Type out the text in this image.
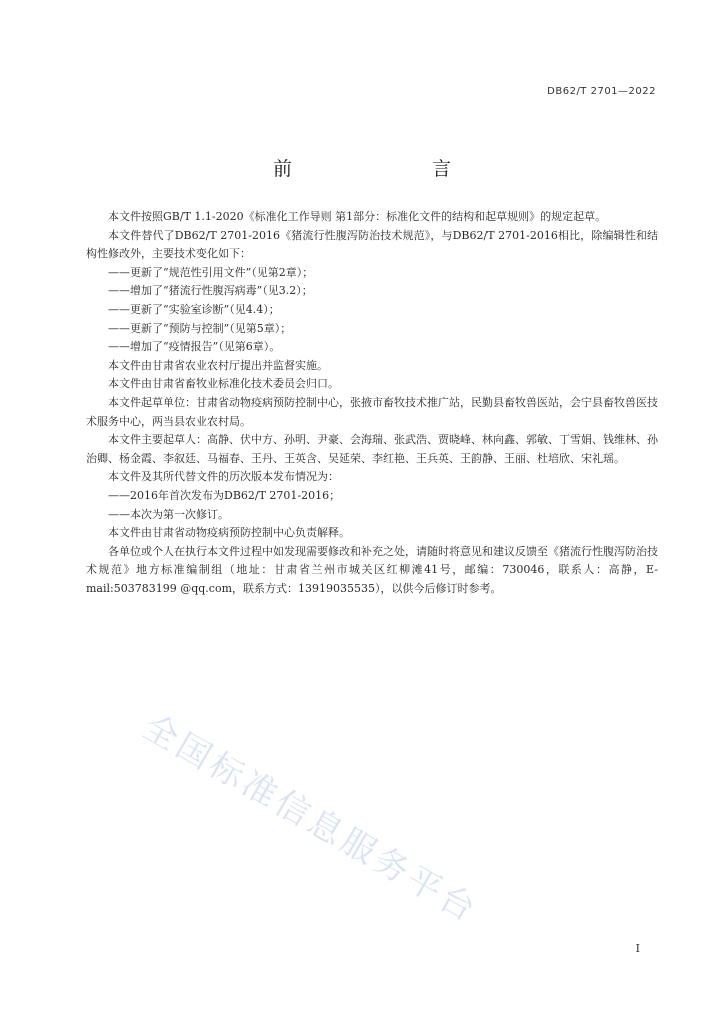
DB62/T 2701—2022
前　　言

本文件按照GB/T 1.1-2020《标准化工作导则 第1部分：标准化文件的结构和起草规则》的规定起草。

本文件替代了DB62/T 2701-2016《猪流行性腹泻防治技术规范》，与DB62/T 2701-2016相比，除编辑性和结构性修改外，主要技术变化如下：

——更新了“规范性引用文件”（见第2章）；

——增加了“猪流行性腹泻病毒”（见3.2）；

——更新了“实验室诊断”（见4.4）；

——更新了“预防与控制”（见第5章）；

——增加了“疫情报告”（见第6章）。

本文件由甘肃省农业农村厅提出并监督实施。

本文件由甘肃省畜牧业标准化技术委员会归口。

本文件起草单位：甘肃省动物疫病预防控制中心，张掖市畜牧技术推广站，民勤县畜牧兽医站，会宁县畜牧兽医技术服务中心，两当县农业农村局。

本文件主要起草人：高静、伏中方、孙明、尹豪、会海瑞、张武浩、贾晓峰、林向鑫、郭敏、丁雪娟、钱维林、孙治卿、杨金霞、李叙廷、马福春、王丹、王英含、吴延荣、李红艳、王兵英、王韵静、王丽、杜培欣、宋礼瑶。

本文件及其所代替文件的历次版本发布情况为：

——2016年首次发布为DB62/T 2701-2016；

——本次为第一次修订。

本文件由甘肃省动物疫病预防控制中心负责解释。

各单位或个人在执行本文件过程中如发现需要修改和补充之处，请随时将意见和建议反馈至《猪流行性腹泻防治技术规范》地方标准编制组（地址：甘肃省兰州市城关区红柳滩41号，邮编：730046，联系人：高静，E-mail:503783199 @qq.com，联系方式：13919035535），以供今后修订时参考。

全国标准信息服务平台
I
